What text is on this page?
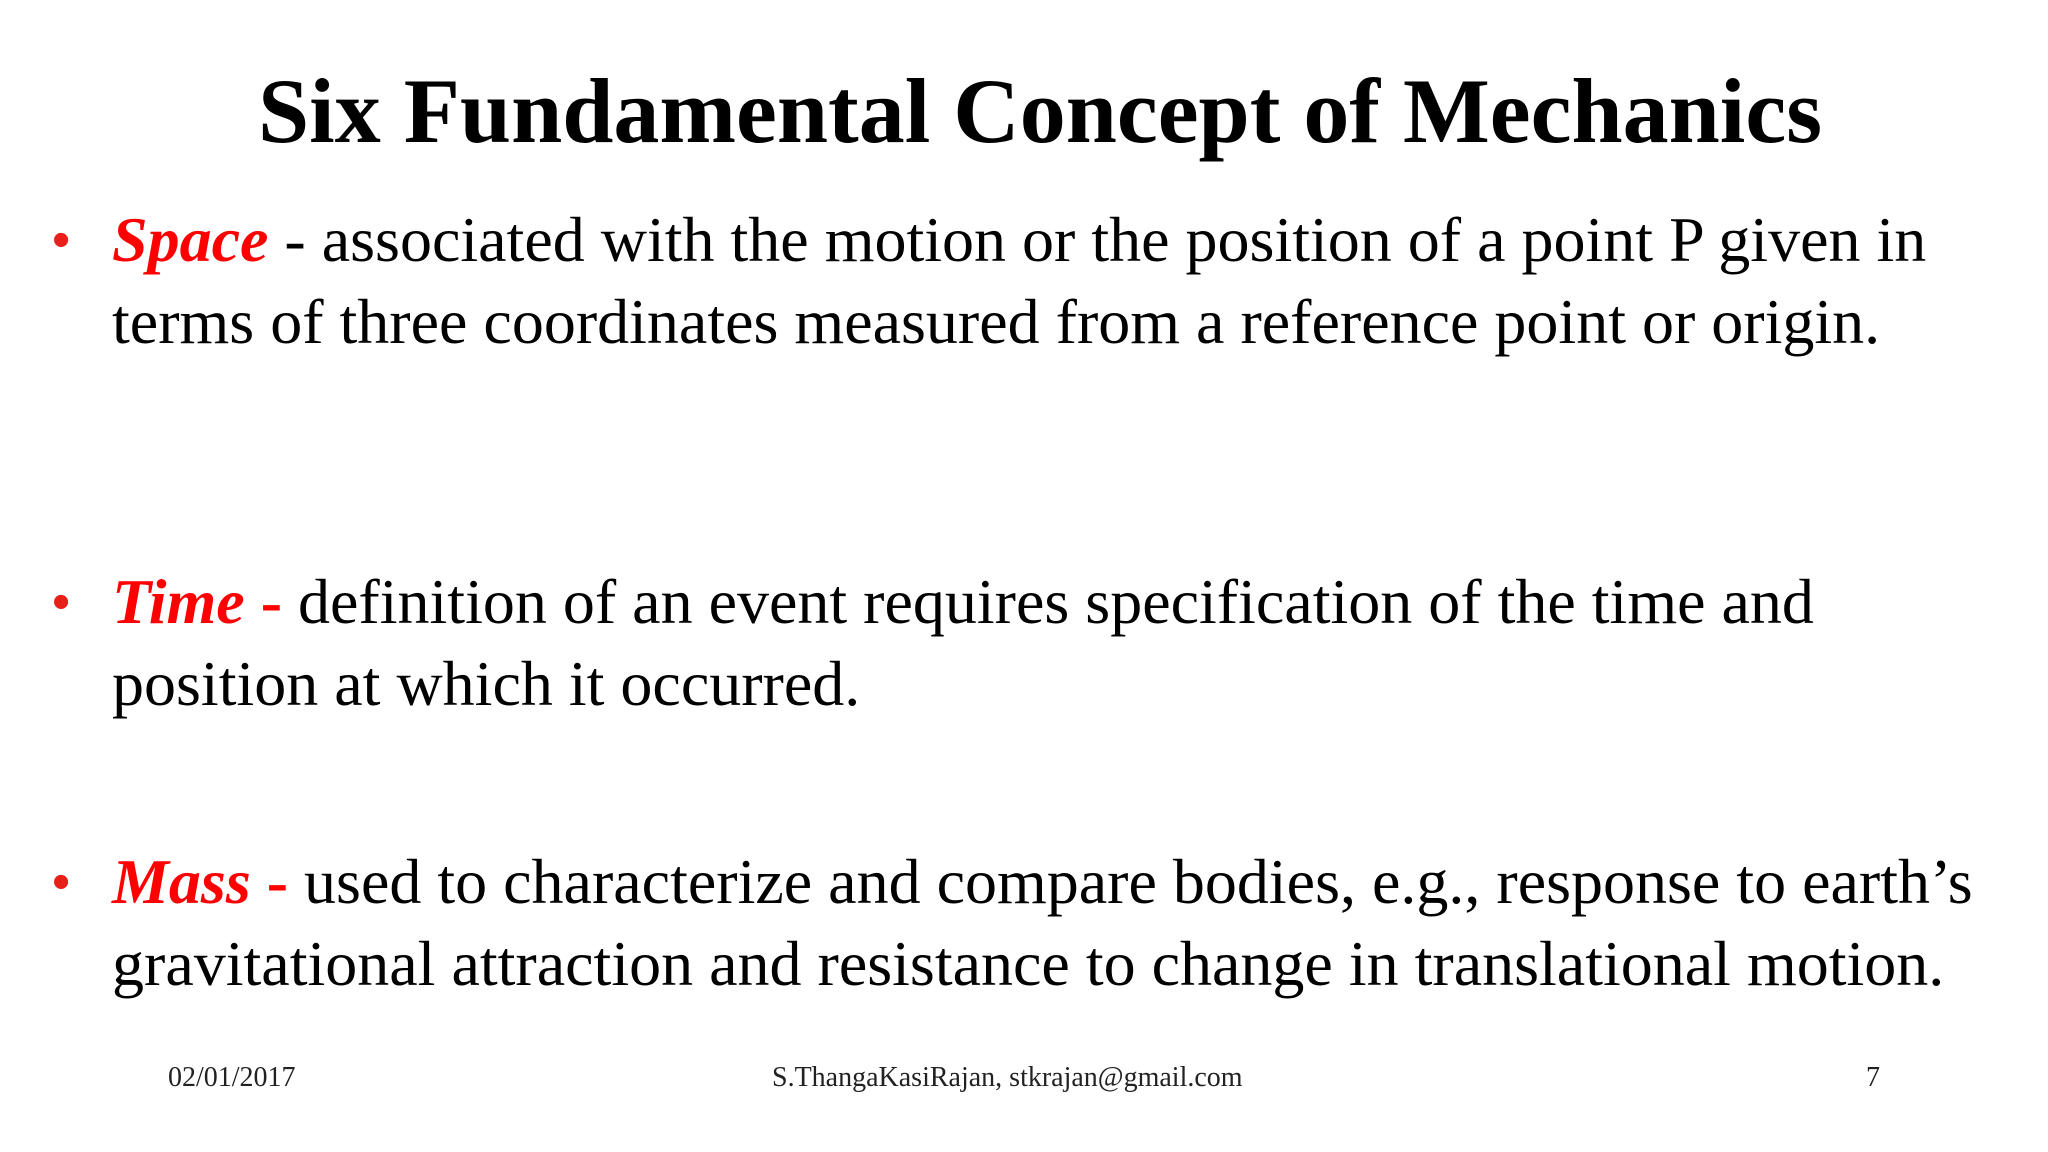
Six Fundamental Concept of Mechanics
• Space - associated with the motion or the position of a point P given in terms of three coordinates measured from a reference point or origin.
• Time - definition of an event requires specification of the time and position at which it occurred.
• Mass - used to characterize and compare bodies, e.g., response to earth’s gravitational attraction and resistance to change in translational motion.
02/01/2017	S.ThangaKasiRajan, stkrajan@gmail.com	7
